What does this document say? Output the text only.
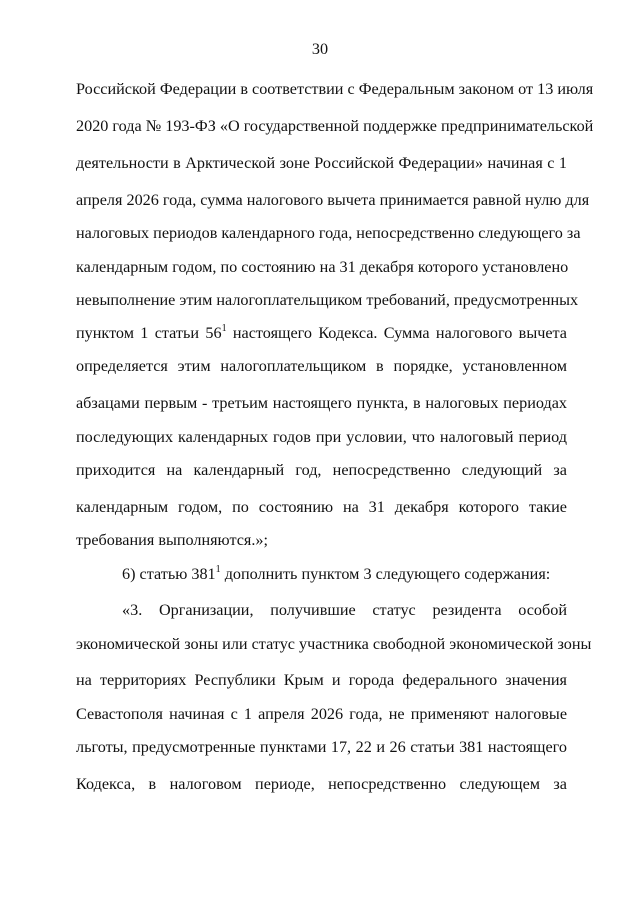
30
Российской Федерации в соответствии с Федеральным законом от 13 июля
2020 года № 193-ФЗ «О государственной поддержке предпринимательской
деятельности в Арктической зоне Российской Федерации» начиная с 1
апреля 2026 года, сумма налогового вычета принимается равной нулю для
налоговых периодов календарного года, непосредственно следующего за
календарным годом, по состоянию на 31 декабря которого установлено
невыполнение этим налогоплательщиком требований, предусмотренных
пунктом 1 статьи $56^1$ настоящего Кодекса. Сумма налогового вычета
определяется этим налогоплательщиком в порядке, установленном
абзацами первым - третьим настоящего пункта, в налоговых периодах
последующих календарных годов при условии, что налоговый период
приходится на календарный год, непосредственно следующий за
календарным годом, по состоянию на 31 декабря которого такие
требования выполняются.»;
6) статью $381^1$ дополнить пунктом 3 следующего содержания:
«3. Организации, получившие статус резидента особой
экономической зоны или статус участника свободной экономической зоны
на территориях Республики Крым и города федерального значения
Севастополя начиная с 1 апреля 2026 года, не применяют налоговые
льготы, предусмотренные пунктами 17, 22 и 26 статьи 381 настоящего
Кодекса, в налоговом периоде, непосредственно следующем за
